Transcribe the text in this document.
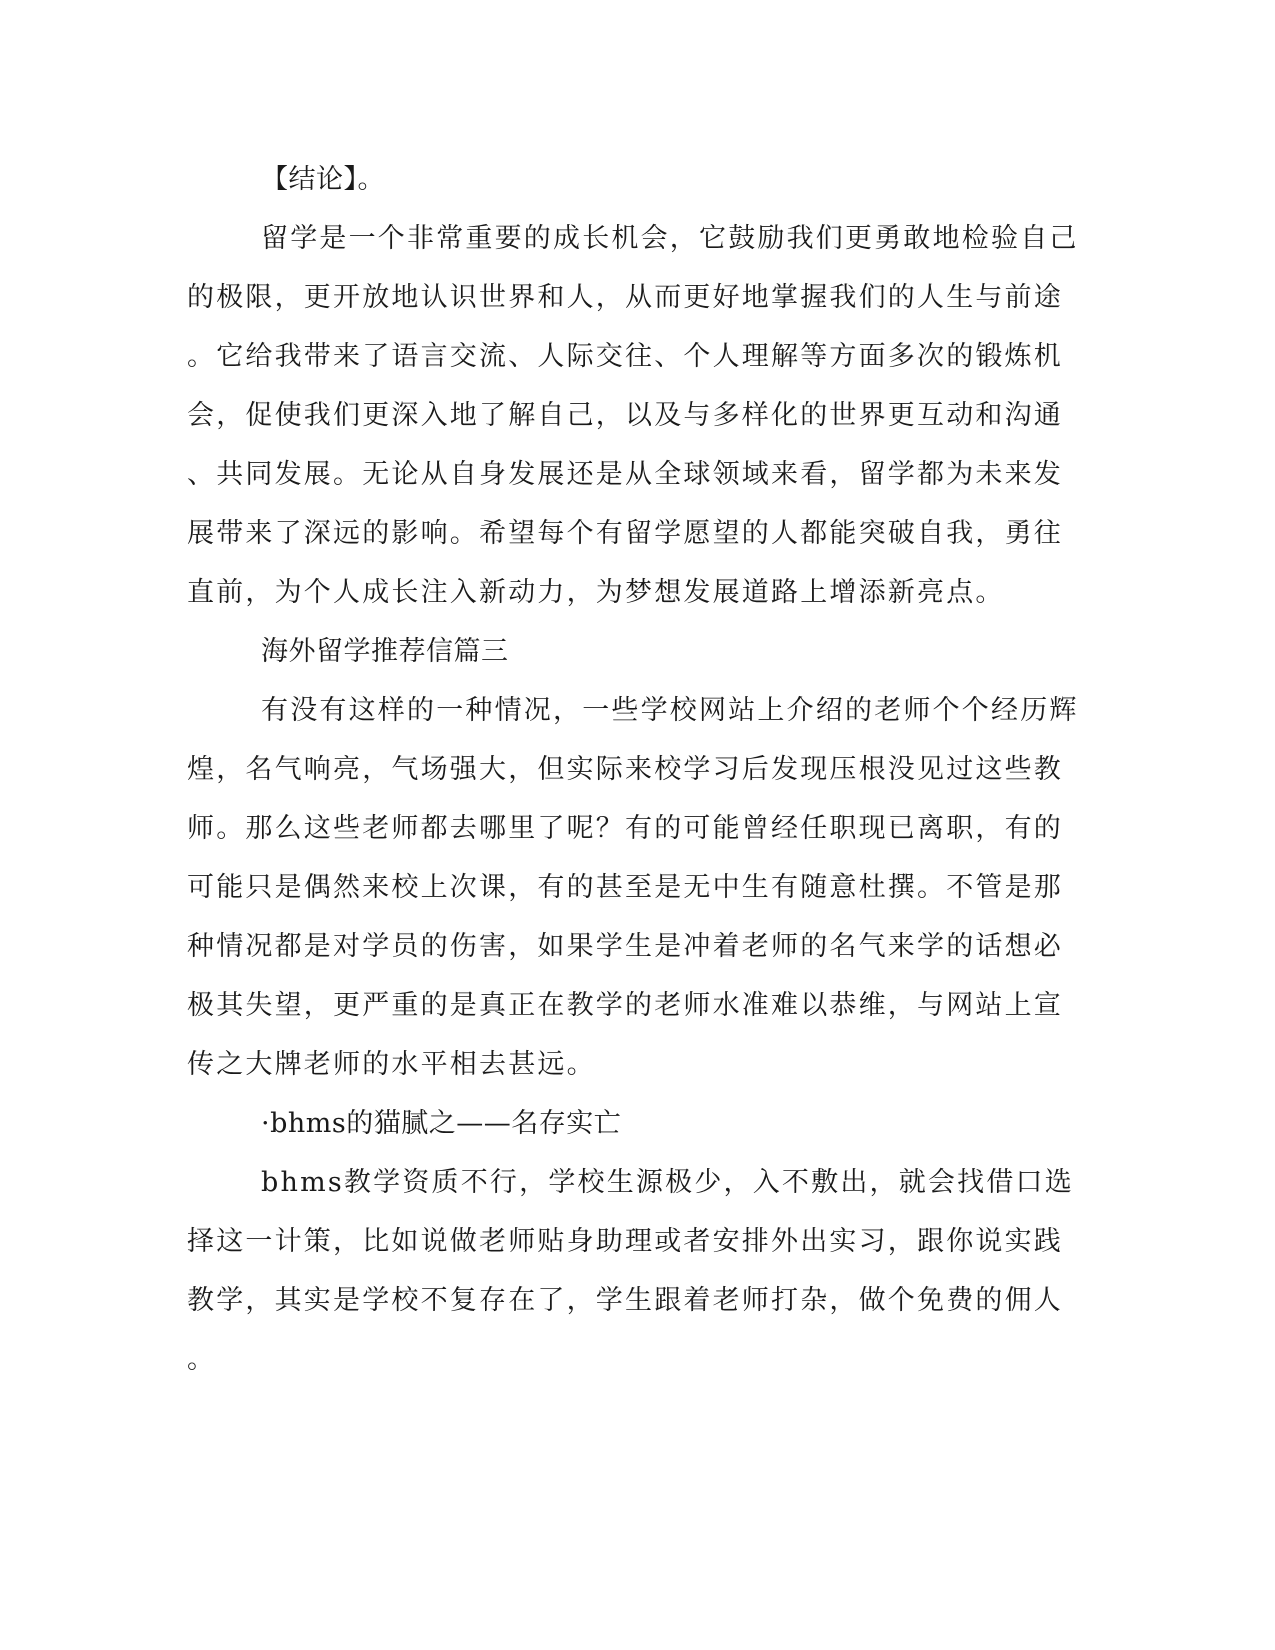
【结论】。
留学是一个非常重要的成长机会，它鼓励我们更勇敢地检验自己
的极限，更开放地认识世界和人，从而更好地掌握我们的人生与前途
。它给我带来了语言交流、人际交往、个人理解等方面多次的锻炼机
会，促使我们更深入地了解自己，以及与多样化的世界更互动和沟通
、共同发展。无论从自身发展还是从全球领域来看，留学都为未来发
展带来了深远的影响。希望每个有留学愿望的人都能突破自我，勇往
直前，为个人成长注入新动力，为梦想发展道路上增添新亮点。
海外留学推荐信篇三
有没有这样的一种情况，一些学校网站上介绍的老师个个经历辉
煌，名气响亮，气场强大，但实际来校学习后发现压根没见过这些教
师。那么这些老师都去哪里了呢？有的可能曾经任职现已离职，有的
可能只是偶然来校上次课，有的甚至是无中生有随意杜撰。不管是那
种情况都是对学员的伤害，如果学生是冲着老师的名气来学的话想必
极其失望，更严重的是真正在教学的老师水准难以恭维，与网站上宣
传之大牌老师的水平相去甚远。
·bhms的猫腻之——名存实亡
bhms教学资质不行，学校生源极少，入不敷出，就会找借口选
择这一计策，比如说做老师贴身助理或者安排外出实习，跟你说实践
教学，其实是学校不复存在了，学生跟着老师打杂，做个免费的佣人
。
